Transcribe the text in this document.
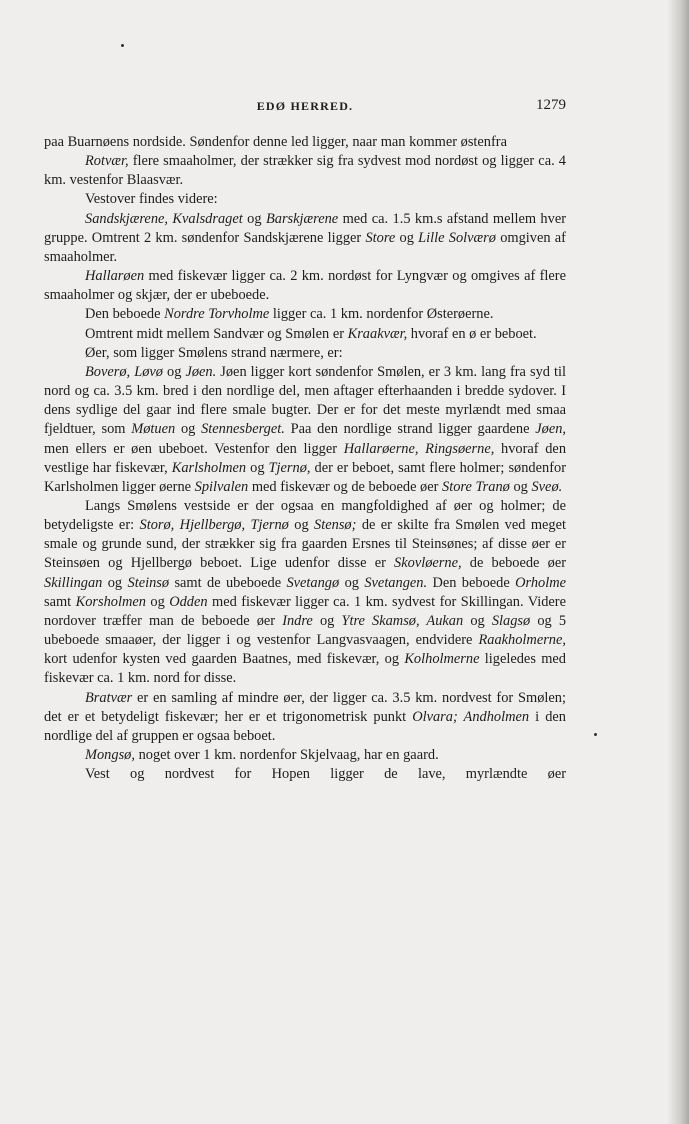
EDØ HERRED.	1279

paa Buarnøens nordside. Søndenfor denne led ligger, naar man kommer østenfra

Rotvær, flere smaaholmer, der strækker sig fra sydvest mod nordøst og ligger ca. 4 km. vestenfor Blaasvær.

Vestover findes videre:

Sandskjærene, Kvalsdraget og Barskjærene med ca. 1.5 km.s afstand mellem hver gruppe. Omtrent 2 km. søndenfor Sandskjærene ligger Store og Lille Solværø omgiven af smaaholmer.

Hallarøen med fiskevær ligger ca. 2 km. nordøst for Lyngvær og omgives af flere smaaholmer og skjær, der er ubeboede.

Den beboede Nordre Torvholme ligger ca. 1 km. nordenfor Østerøerne.

Omtrent midt mellem Sandvær og Smølen er Kraakvær, hvoraf en ø er beboet.

Øer, som ligger Smølens strand nærmere, er:

Boverø, Løvø og Jøen. Jøen ligger kort søndenfor Smølen, er 3 km. lang fra syd til nord og ca. 3.5 km. bred i den nordlige del, men aftager efterhaanden i bredde sydover. I dens sydlige del gaar ind flere smale bugter. Der er for det meste myrlændt med smaa fjeldtuer, som Møtuen og Stennesberget. Paa den nordlige strand ligger gaardene Jøen, men ellers er øen ubeboet. Vestenfor den ligger Hallarøerne, Ringsøerne, hvoraf den vestlige har fiskevær, Karlsholmen og Tjernø, der er beboet, samt flere holmer; søndenfor Karlsholmen ligger øerne Spilvalen med fiskevær og de beboede øer Store Tranø og Sveø.

Langs Smølens vestside er der ogsaa en mangfoldighed af øer og holmer; de betydeligste er: Storø, Hjellbergø, Tjernø og Stensø; de er skilte fra Smølen ved meget smale og grunde sund, der strækker sig fra gaarden Ersnes til Steinsønes; af disse øer er Steinsøen og Hjellbergø beboet. Lige udenfor disse er Skovløerne, de beboede øer Skillingan og Steinsø samt de ubeboede Svetangø og Svetangen. Den beboede Orholme samt Korsholmen og Odden med fiskevær ligger ca. 1 km. sydvest for Skillingan. Videre nordover træffer man de beboede øer Indre og Ytre Skamsø, Aukan og Slagsø og 5 ubeboede smaaøer, der ligger i og vestenfor Langvasvaagen, endvidere Raakholmerne, kort udenfor kysten ved gaarden Baatnes, med fiskevær, og Kolholmerne ligeledes med fiskevær ca. 1 km. nord for disse.

Bratvær er en samling af mindre øer, der ligger ca. 3.5 km. nordvest for Smølen; det er et betydeligt fiskevær; her er et trigonometrisk punkt Olvara; Andholmen i den nordlige del af gruppen er ogsaa beboet.

Mongsø, noget over 1 km. nordenfor Skjelvaag, har en gaard.

Vest og nordvest for Hopen ligger de lave, myrlændte øer
